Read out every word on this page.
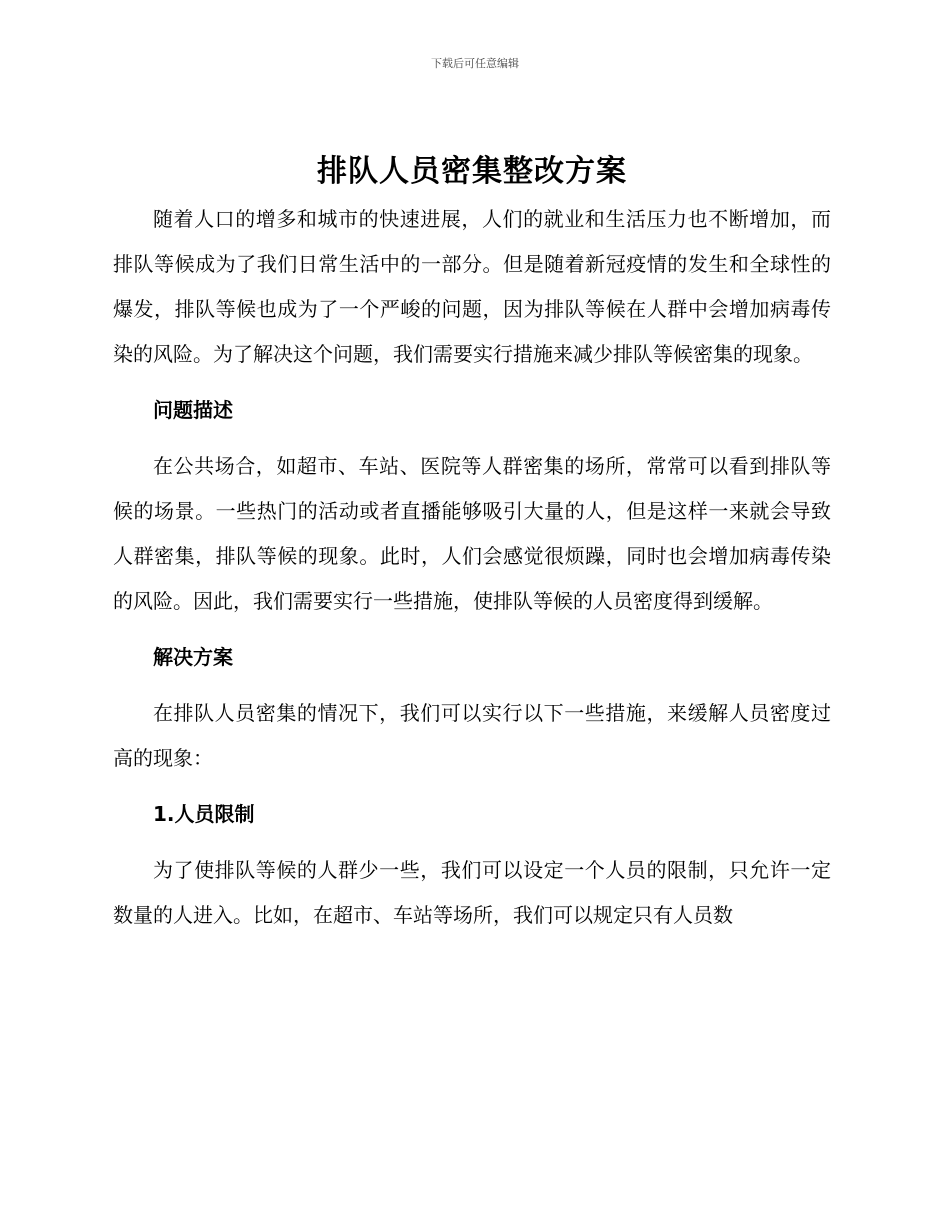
下载后可任意编辑
排队人员密集整改方案

随着人口的增多和城市的快速进展，人们的就业和生活压力也不断增加，而排队等候成为了我们日常生活中的一部分。但是随着新冠疫情的发生和全球性的爆发，排队等候也成为了一个严峻的问题，因为排队等候在人群中会增加病毒传染的风险。为了解决这个问题，我们需要实行措施来减少排队等候密集的现象。

问题描述

在公共场合，如超市、车站、医院等人群密集的场所，常常可以看到排队等候的场景。一些热门的活动或者直播能够吸引大量的人，但是这样一来就会导致人群密集，排队等候的现象。此时，人们会感觉很烦躁，同时也会增加病毒传染的风险。因此，我们需要实行一些措施，使排队等候的人员密度得到缓解。

解决方案

在排队人员密集的情况下，我们可以实行以下一些措施，来缓解人员密度过高的现象：

1.人员限制

为了使排队等候的人群少一些，我们可以设定一个人员的限制，只允许一定数量的人进入。比如，在超市、车站等场所，我们可以规定只有人员数
